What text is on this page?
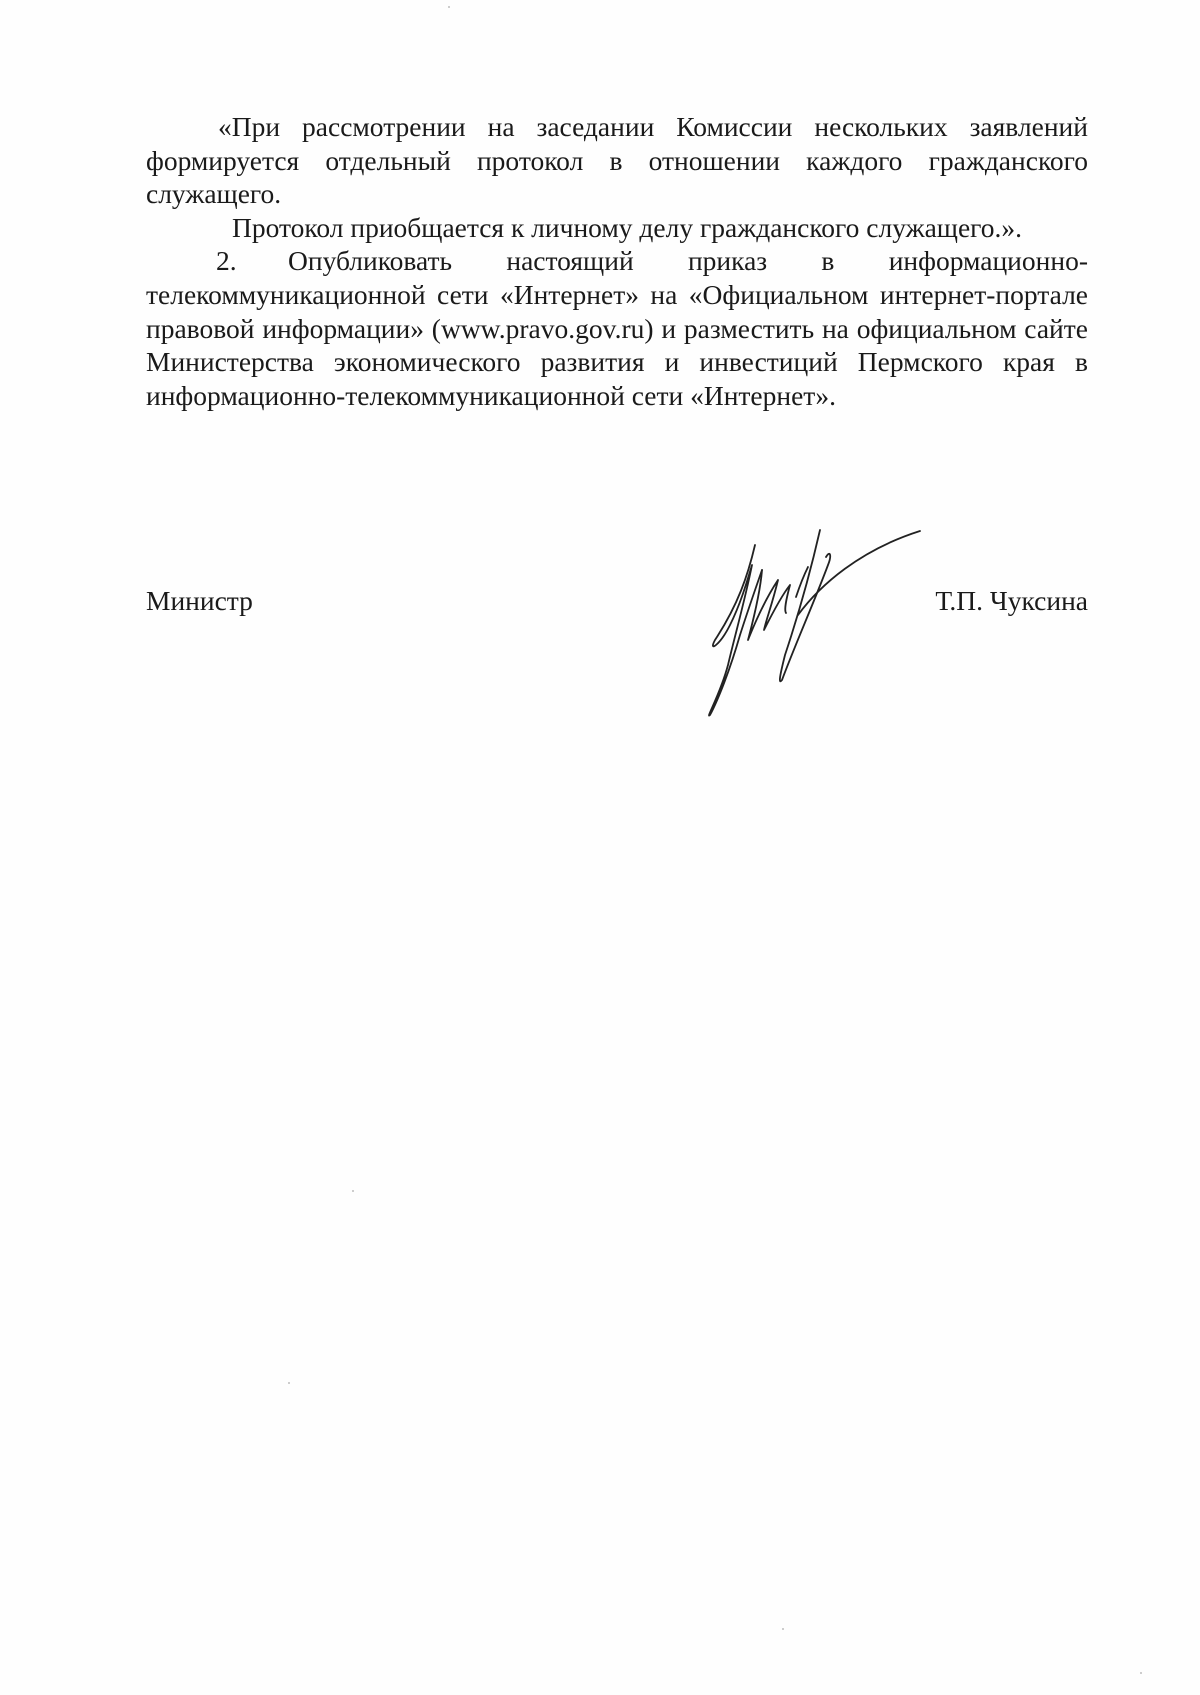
«При рассмотрении на заседании Комиссии нескольких заявлений формируется отдельный протокол в отношении каждого гражданского служащего.

Протокол приобщается к личному делу гражданского служащего.».

2. Опубликовать настоящий приказ в информационно-телекоммуникационной сети «Интернет» на «Официальном интернет-портале правовой информации» (www.pravo.gov.ru) и разместить на официальном сайте Министерства экономического развития и инвестиций Пермского края в информационно-телекоммуникационной сети «Интернет».

Министр	Т.П. Чуксина
